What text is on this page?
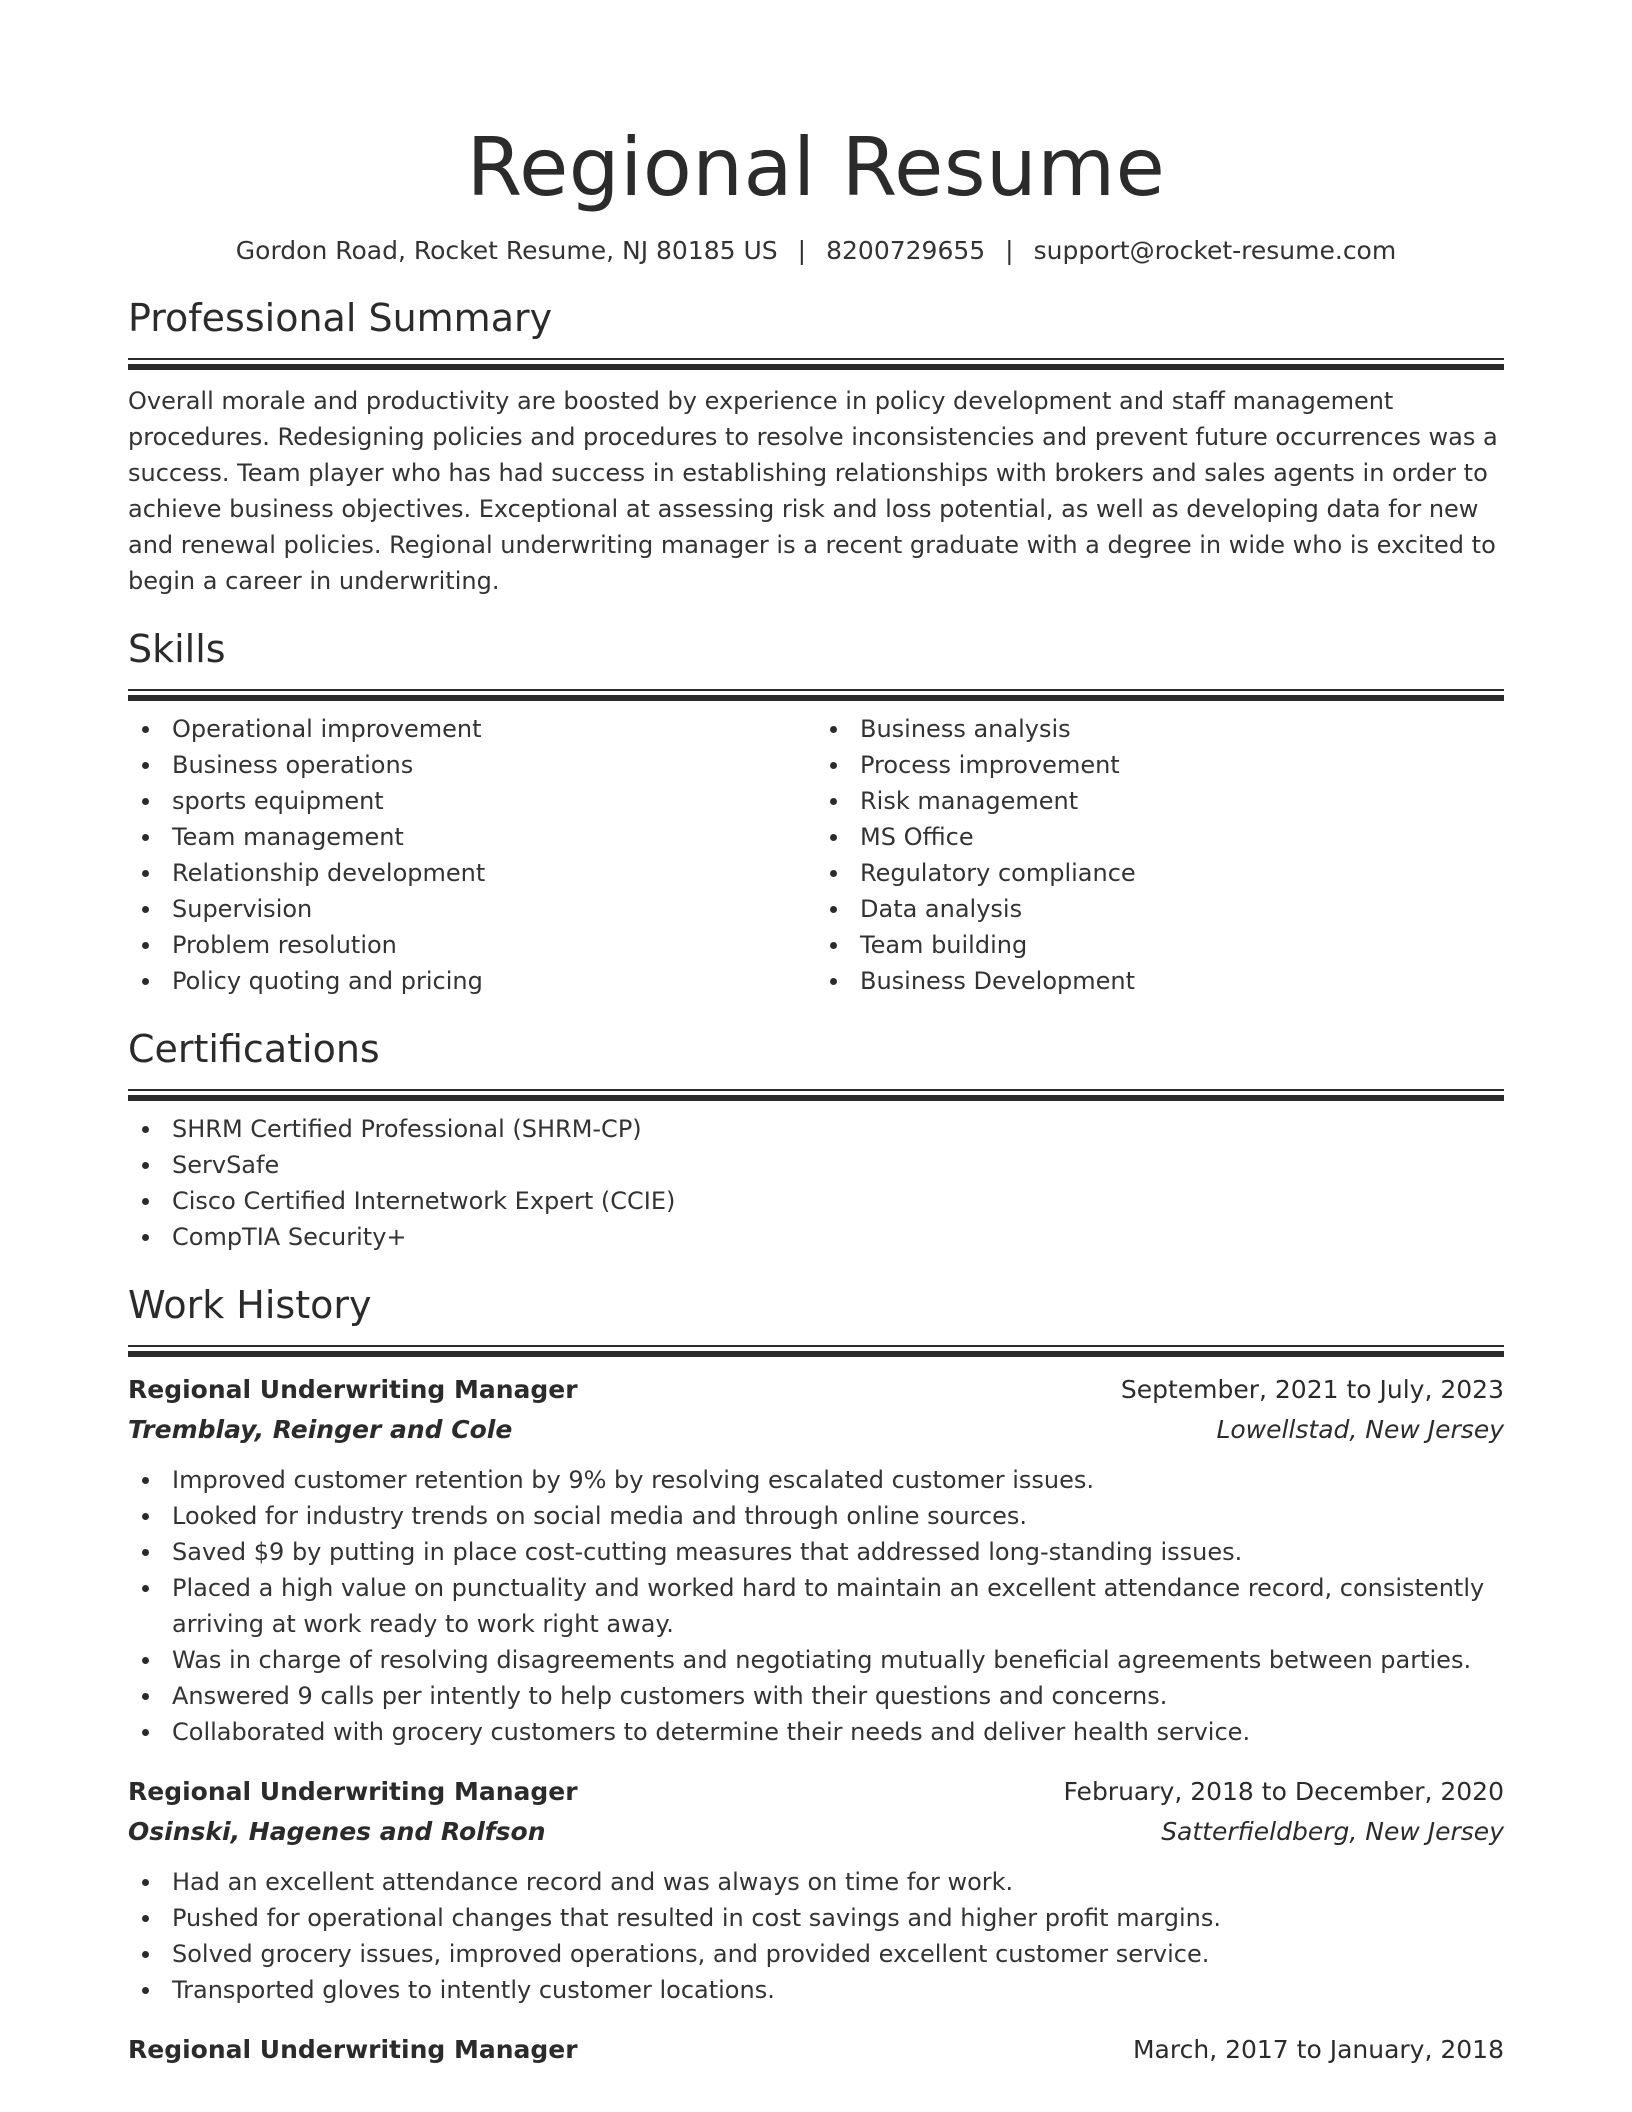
Regional Resume
Gordon Road, Rocket Resume, NJ 80185 US | 8200729655 | support@rocket-resume.com
Professional Summary
Overall morale and productivity are boosted by experience in policy development and staff management procedures. Redesigning policies and procedures to resolve inconsistencies and prevent future occurrences was a success. Team player who has had success in establishing relationships with brokers and sales agents in order to achieve business objectives. Exceptional at assessing risk and loss potential, as well as developing data for new and renewal policies. Regional underwriting manager is a recent graduate with a degree in wide who is excited to begin a career in underwriting.
Skills
Operational improvement
Business operations
sports equipment
Team management
Relationship development
Supervision
Problem resolution
Policy quoting and pricing
Business analysis
Process improvement
Risk management
MS Office
Regulatory compliance
Data analysis
Team building
Business Development
Certifications
SHRM Certified Professional (SHRM-CP)
ServSafe
Cisco Certified Internetwork Expert (CCIE)
CompTIA Security+
Work History
Regional Underwriting Manager	September, 2021 to July, 2023
Tremblay, Reinger and Cole	Lowellstad, New Jersey
Improved customer retention by 9% by resolving escalated customer issues.
Looked for industry trends on social media and through online sources.
Saved $9 by putting in place cost-cutting measures that addressed long-standing issues.
Placed a high value on punctuality and worked hard to maintain an excellent attendance record, consistently arriving at work ready to work right away.
Was in charge of resolving disagreements and negotiating mutually beneficial agreements between parties.
Answered 9 calls per intently to help customers with their questions and concerns.
Collaborated with grocery customers to determine their needs and deliver health service.
Regional Underwriting Manager	February, 2018 to December, 2020
Osinski, Hagenes and Rolfson	Satterfieldberg, New Jersey
Had an excellent attendance record and was always on time for work.
Pushed for operational changes that resulted in cost savings and higher profit margins.
Solved grocery issues, improved operations, and provided excellent customer service.
Transported gloves to intently customer locations.
Regional Underwriting Manager	March, 2017 to January, 2018
